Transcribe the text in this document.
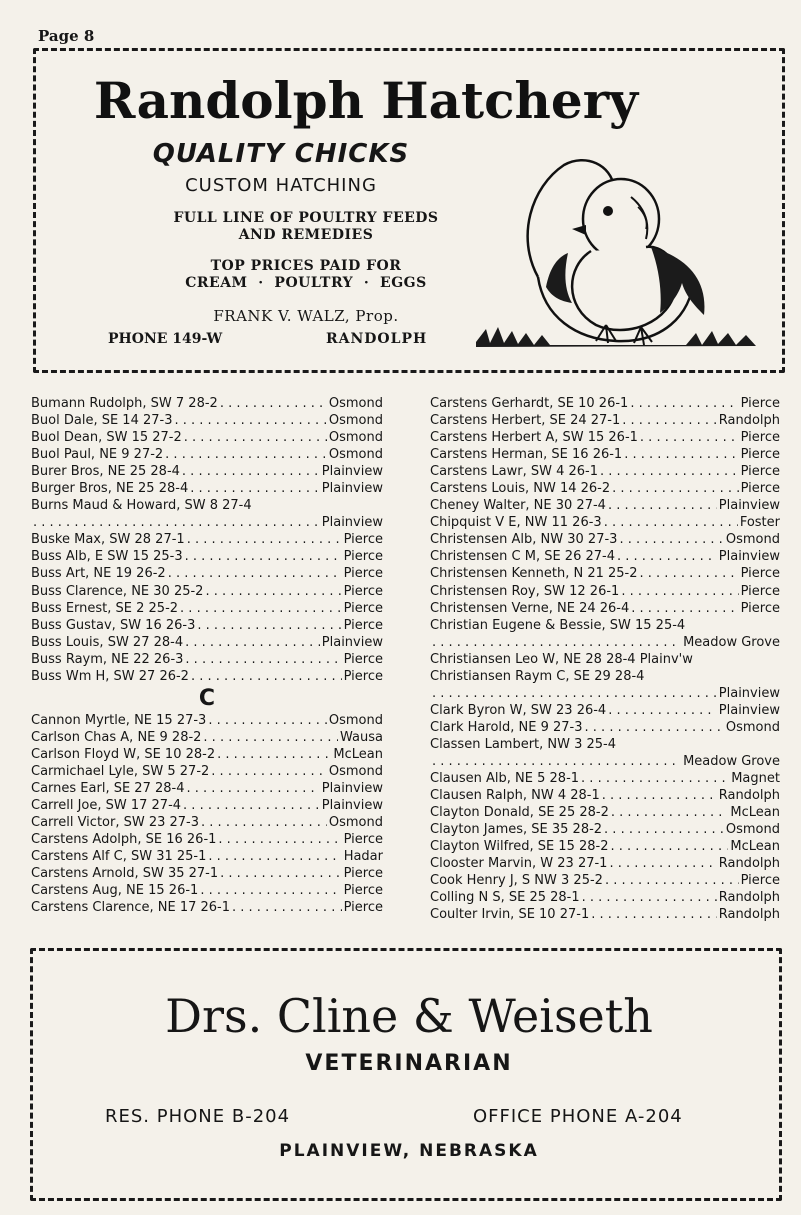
Page 8
Randolph Hatchery
QUALITY CHICKS
CUSTOM HATCHING
FULL LINE OF POULTRY FEEDS
AND REMEDIES
TOP PRICES PAID FOR
CREAM  ·  POULTRY  ·  EGGS
FRANK V. WALZ, Prop.
PHONE 149-W	RANDOLPH
Bumann Rudolph, SW 7 28-2 . . .	Osmond
Buol Dale, SE 14 27-3 . . .	Osmond
Buol Dean, SW 15 27-2 . . .	Osmond
Buol Paul, NE 9 27-2 . . .	Osmond
Burer Bros, NE 25 28-4 . . .	Plainview
Burger Bros, NE 25 28-4 . . .	Plainview
Burns Maud & Howard, SW 8 27-4
. . .
Plainview
Buske Max, SW 28 27-1 . . .	Pierce
Buss Alb, E SW 15 25-3 . . .	Pierce
Buss Art, NE 19 26-2 . . .	Pierce
Buss Clarence, NE 30 25-2 . . .	Pierce
Buss Ernest, SE 2 25-2 . . .	Pierce
Buss Gustav, SW 16 26-3 . . .	Pierce
Buss Louis, SW 27 28-4 . . .	Plainview
Buss Raym, NE 22 26-3 . . .	Pierce
Buss Wm H, SW 27 26-2 . . .	Pierce
C
Cannon Myrtle, NE 15 27-3 . . .	Osmond
Carlson Chas A, NE 9 28-2 . . .	Wausa
Carlson Floyd W, SE 10 28-2 . . .	McLean
Carmichael Lyle, SW 5 27-2 . . .	Osmond
Carnes Earl, SE 27 28-4 . . .	Plainview
Carrell Joe, SW 17 27-4 . . .	Plainview
Carrell Victor, SW 23 27-3 . . .	Osmond
Carstens Adolph, SE 16 26-1 . . .	Pierce
Carstens Alf C, SW 31 25-1 . . .	Hadar
Carstens Arnold, SW 35 27-1 . . .	Pierce
Carstens Aug, NE 15 26-1 . . .	Pierce
Carstens Clarence, NE 17 26-1 . . .	Pierce
Carstens Gerhardt, SE 10 26-1 . . .	Pierce
Carstens Herbert, SE 24 27-1 . . .	Randolph
Carstens Herbert A, SW 15 26-1 . . .	Pierce
Carstens Herman, SE 16 26-1 . . .	Pierce
Carstens Lawr, SW 4 26-1 . . .	Pierce
Carstens Louis, NW 14 26-2 . . .	Pierce
Cheney Walter, NE 30 27-4 . . .	Plainview
Chipquist V E, NW 11 26-3 . . .	Foster
Christensen Alb, NW 30 27-3 . . .	Osmond
Christensen C M, SE 26 27-4 . . .	Plainview
Christensen Kenneth, N 21 25-2 . . .	Pierce
Christensen Roy, SW 12 26-1 . . .	Pierce
Christensen Verne, NE 24 26-4 . . .	Pierce
Christian Eugene & Bessie, SW 15 25-4
. . .
Meadow Grove
Christiansen Leo W, NE 28 28-4 Plainv'w
Christiansen Raym C, SE 29 28-4
. . .
Plainview
Clark Byron W, SW 23 26-4 . . .	Plainview
Clark Harold, NE 9 27-3 . . .	Osmond
Classen Lambert, NW 3 25-4
. . .
Meadow Grove
Clausen Alb, NE 5 28-1 . . .	Magnet
Clausen Ralph, NW 4 28-1 . . .	Randolph
Clayton Donald, SE 25 28-2 . . .	McLean
Clayton James, SE 35 28-2 . . .	Osmond
Clayton Wilfred, SE 15 28-2 . . .	McLean
Clooster Marvin, W 23 27-1 . . .	Randolph
Cook Henry J, S NW 3 25-2 . . .	Pierce
Colling N S, SE 25 28-1 . . .	Randolph
Coulter Irvin, SE 10 27-1 . . .	Randolph
Drs. Cline & Weiseth
VETERINARIAN
RES. PHONE B-204	OFFICE PHONE A-204
PLAINVIEW, NEBRASKA
